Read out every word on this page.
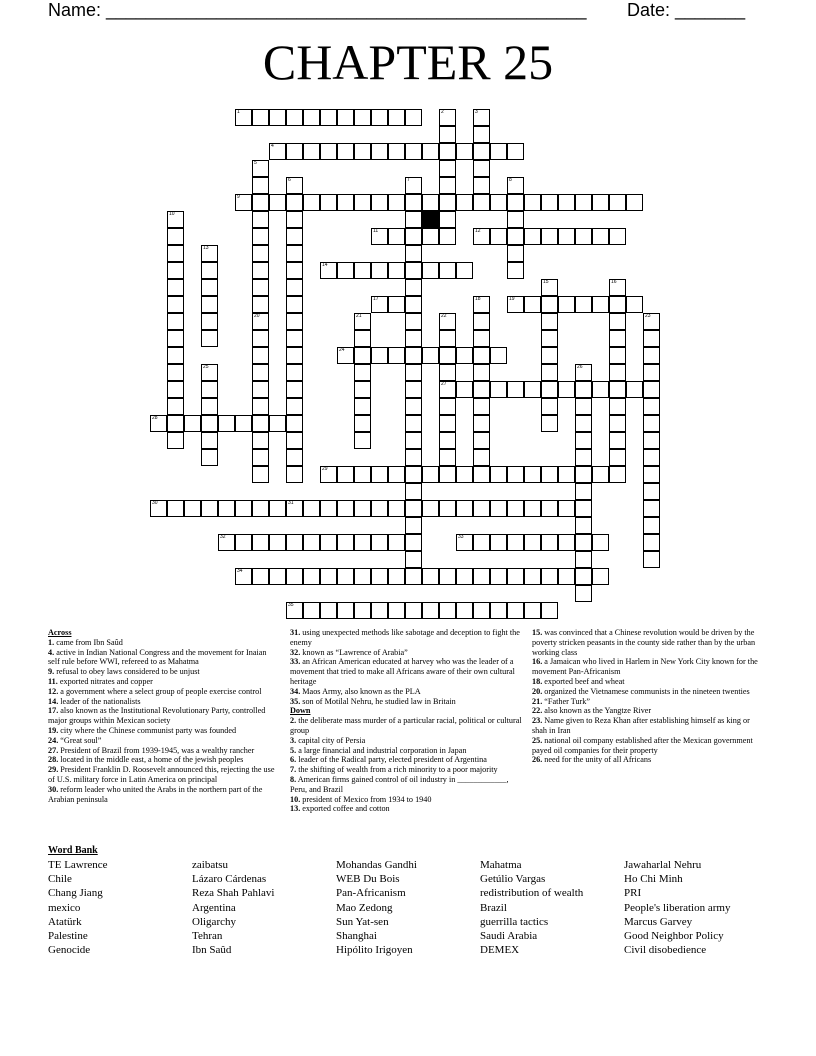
Name: ________________________________________________ Date: _______
CHAPTER 25
1
4
9
11	12
14
17	19
24
27
28
29
30	31
32	33
34
35
2	3
5
20
6	7	8
10
13
15	16
18
21	22	23
25	26
Across
1. came from Ibn Saûd
4. active in Indian National Congress and the movement for Inaian self rule before WWI, refereed to as Mahatma
9. refusal to obey laws considered to be unjust
11. exported nitrates and copper
12. a government where a select group of people exercise control
14. leader of the nationalists
17. also known as the Institutional Revolutionary Party, controlled major groups within Mexican society
19. city where the Chinese communist party was founded
24. “Great soul”
27. President of Brazil from 1939-1945, was a wealthy rancher
28. located in the middle east, a home of the jewish peoples
29. President Franklin D. Roosevelt announced this, rejecting the use of U.S. military force in Latin America on principal
30. reform leader who united the Arabs in the northern part of the Arabian peninsula
31. using unexpected methods like sabotage and deception to fight the enemy
32. known as “Lawrence of Arabia”
33. an African American educated at harvey who was the leader of a movement that tried to make all Africans aware of their own cultural heritage
34. Maos Army, also known as the PLA
35. son of Motilal Nehru, he studied law in Britain
Down
2. the deliberate mass murder of a particular racial, political or cultural group
3. capital city of Persia
5. a large financial and industrial corporation in Japan
6. leader of the Radical party, elected president of Argentina
7. the shifting of wealth from a rich minority to a poor majority
8. American firms gained control of oil industry in ____________, Peru, and Brazil
10. president of Mexico from 1934 to 1940
13. exported coffee and cotton
15. was convinced that a Chinese revolution would be driven by the poverty stricken peasants in the county side rather than by the urban working class
16. a Jamaican who lived in Harlem in New York City known for the movement Pan-Africanism
18. exported beef and wheat
20. organized the Vietnamese communists in the nineteen twenties
21. “Father Turk”
22. also known as the Yangtze River
23. Name given to Reza Khan after establishing himself as king or shah in Iran
25. national oil company established after the Mexican government payed oil companies for their property
26. need for the unity of all Africans
Word Bank
TE Lawrence
Chile
Chang Jiang
mexico
Atatürk
Palestine
Genocide
zaibatsu
Lázaro Cárdenas
Reza Shah Pahlavi
Argentina
Oligarchy
Tehran
Ibn Saûd
Mohandas Gandhi
WEB Du Bois
Pan-Africanism
Mao Zedong
Sun Yat-sen
Shanghai
Hipólito Irigoyen
Mahatma
Getúlio Vargas
redistribution of wealth
Brazil
guerrilla tactics
Saudi Arabia
DEMEX
Jawaharlal Nehru
Ho Chi Minh
PRI
People's liberation army
Marcus Garvey
Good Neighbor Policy
Civil disobedience
